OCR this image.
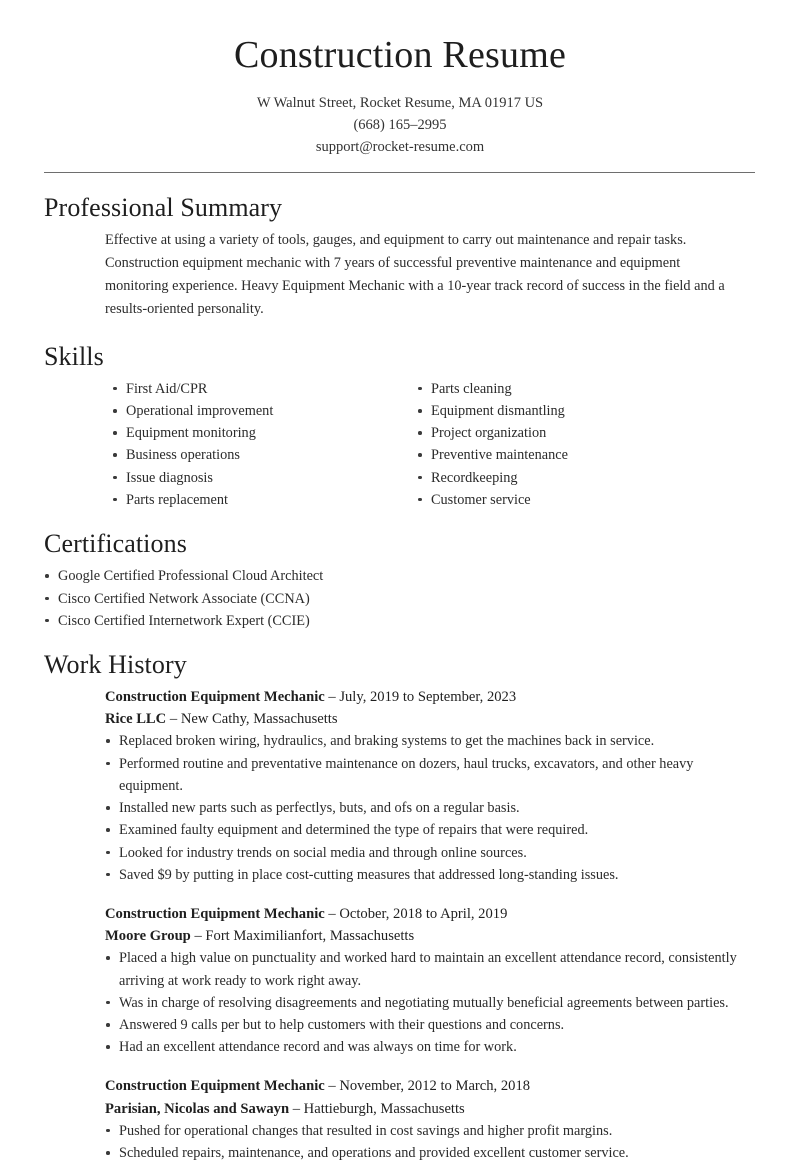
Construction Resume

W Walnut Street, Rocket Resume, MA 01917 US

(668) 165–2995

support@rocket-resume.com

Professional Summary

Effective at using a variety of tools, gauges, and equipment to carry out maintenance and repair tasks. Construction equipment mechanic with 7 years of successful preventive maintenance and equipment monitoring experience. Heavy Equipment Mechanic with a 10-year track record of success in the field and a results-oriented personality.

Skills
First Aid/CPR
Operational improvement
Equipment monitoring
Business operations
Issue diagnosis
Parts replacement
Parts cleaning
Equipment dismantling
Project organization
Preventive maintenance
Recordkeeping
Customer service
Certifications
Google Certified Professional Cloud Architect
Cisco Certified Network Associate (CCNA)
Cisco Certified Internetwork Expert (CCIE)
Work History
Construction Equipment Mechanic – July, 2019 to September, 2023
Rice LLC – New Cathy, Massachusetts
Replaced broken wiring, hydraulics, and braking systems to get the machines back in service.
Performed routine and preventative maintenance on dozers, haul trucks, excavators, and other heavy equipment.
Installed new parts such as perfectlys, buts, and ofs on a regular basis.
Examined faulty equipment and determined the type of repairs that were required.
Looked for industry trends on social media and through online sources.
Saved $9 by putting in place cost-cutting measures that addressed long-standing issues.
Construction Equipment Mechanic – October, 2018 to April, 2019
Moore Group – Fort Maximilianfort, Massachusetts
Placed a high value on punctuality and worked hard to maintain an excellent attendance record, consistently arriving at work ready to work right away.
Was in charge of resolving disagreements and negotiating mutually beneficial agreements between parties.
Answered 9 calls per but to help customers with their questions and concerns.
Had an excellent attendance record and was always on time for work.
Construction Equipment Mechanic – November, 2012 to March, 2018
Parisian, Nicolas and Sawayn – Hattieburgh, Massachusetts
Pushed for operational changes that resulted in cost savings and higher profit margins.
Scheduled repairs, maintenance, and operations and provided excellent customer service.
